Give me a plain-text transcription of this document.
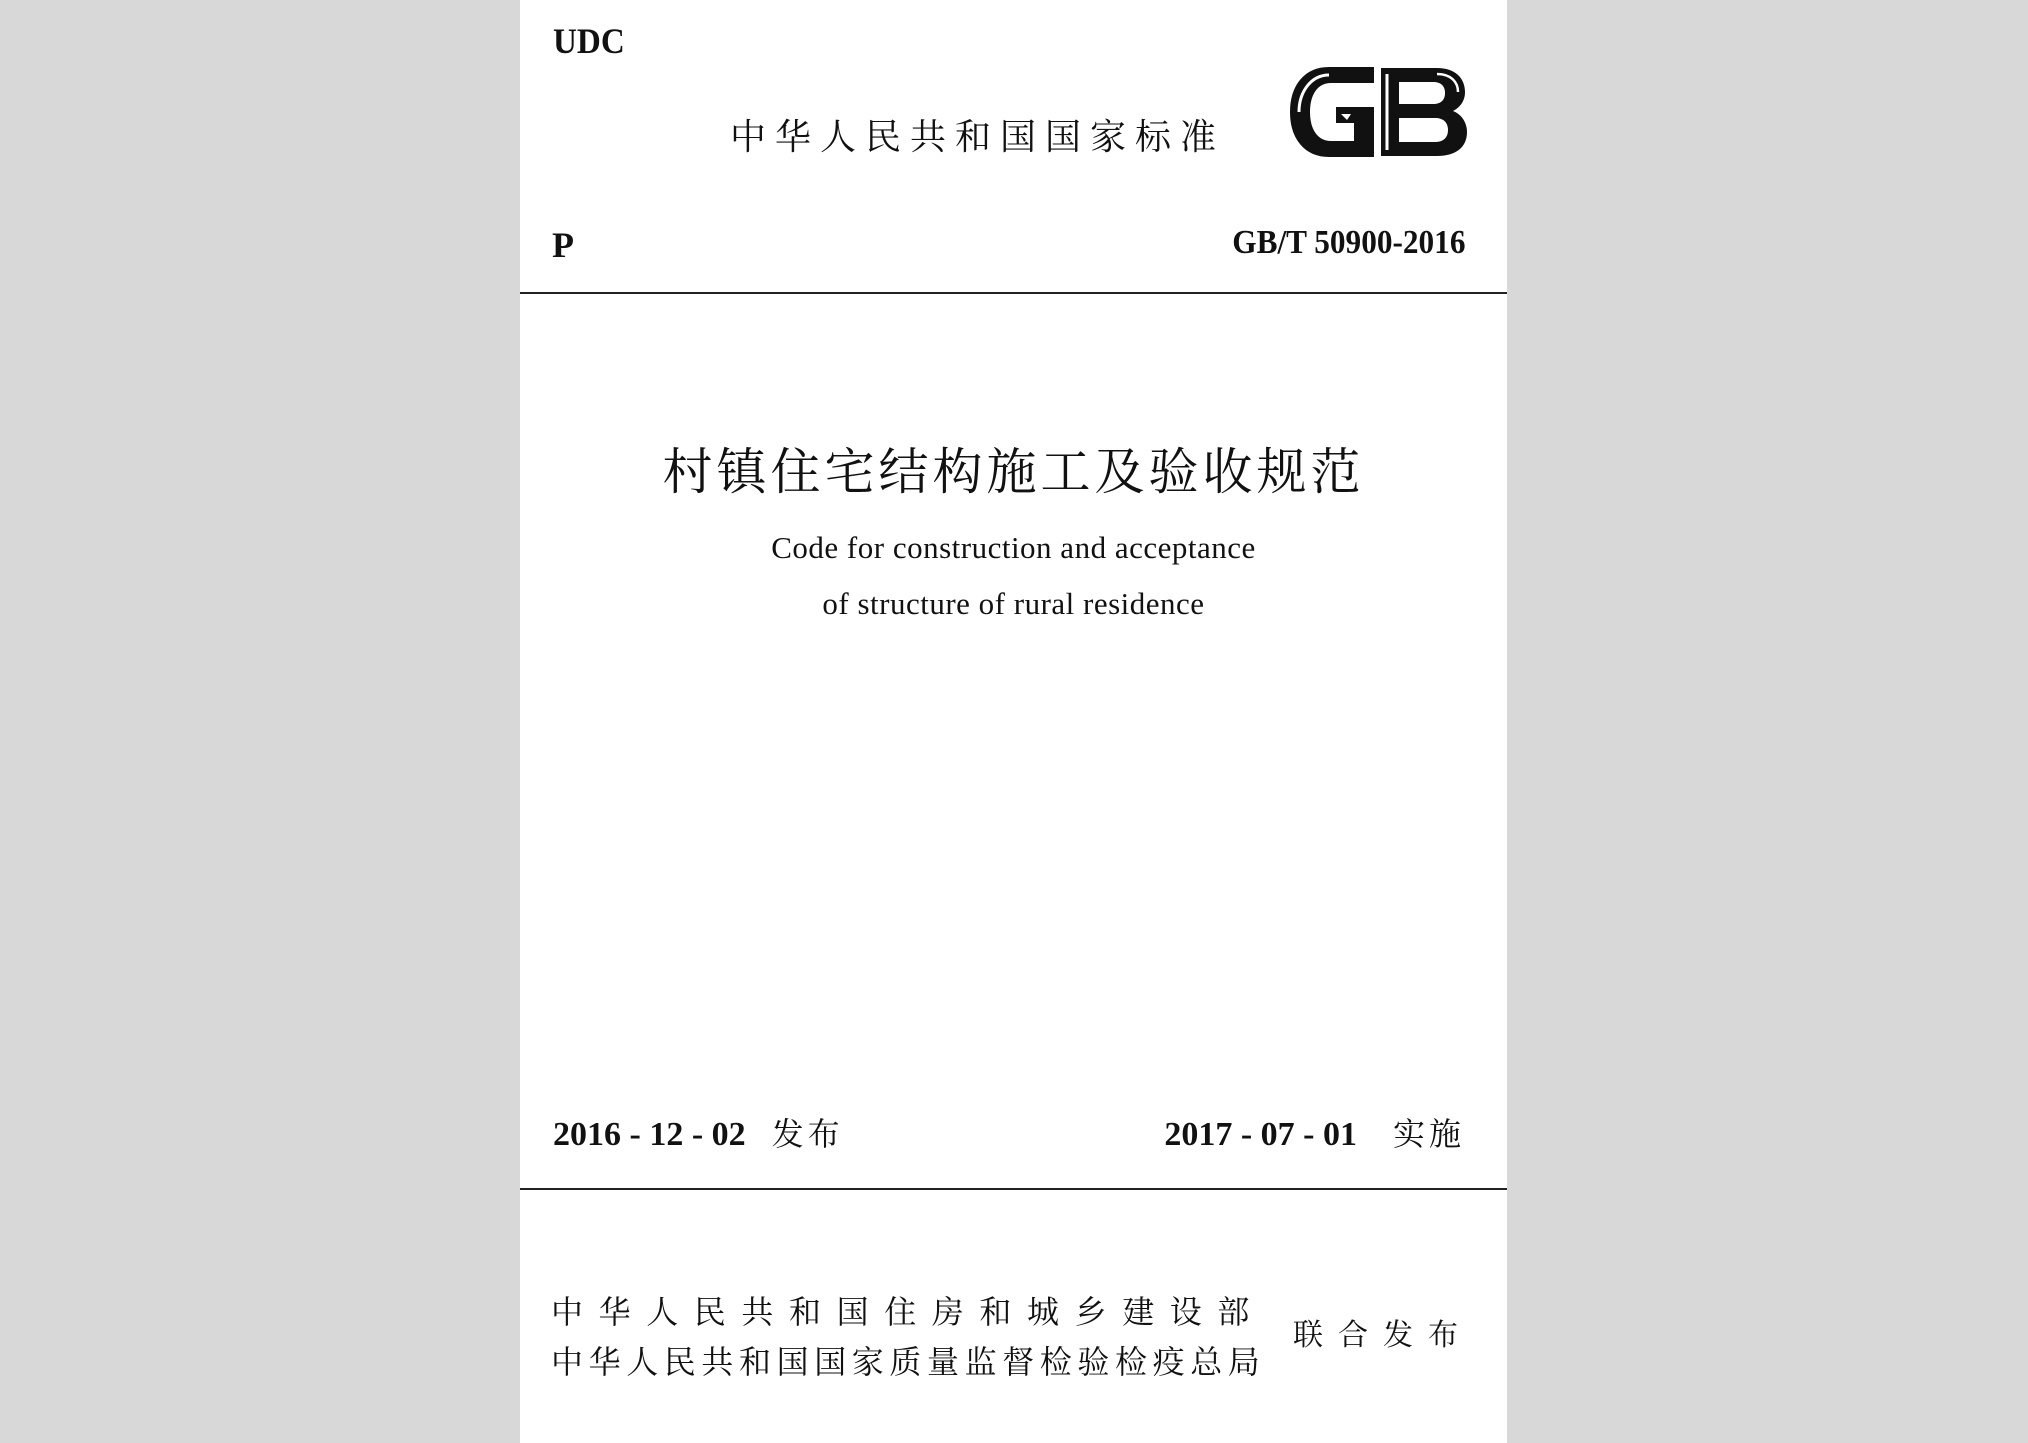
UDC
中华人民共和国国家标准
P	GB/T 50900-2016
村镇住宅结构施工及验收规范
Code for construction and acceptance
of structure of rural residence
2016 - 12 - 02 发布	2017 - 07 - 01 实施
中华人民共和国住房和城乡建设部
中华人民共和国国家质量监督检验检疫总局
联合发布
